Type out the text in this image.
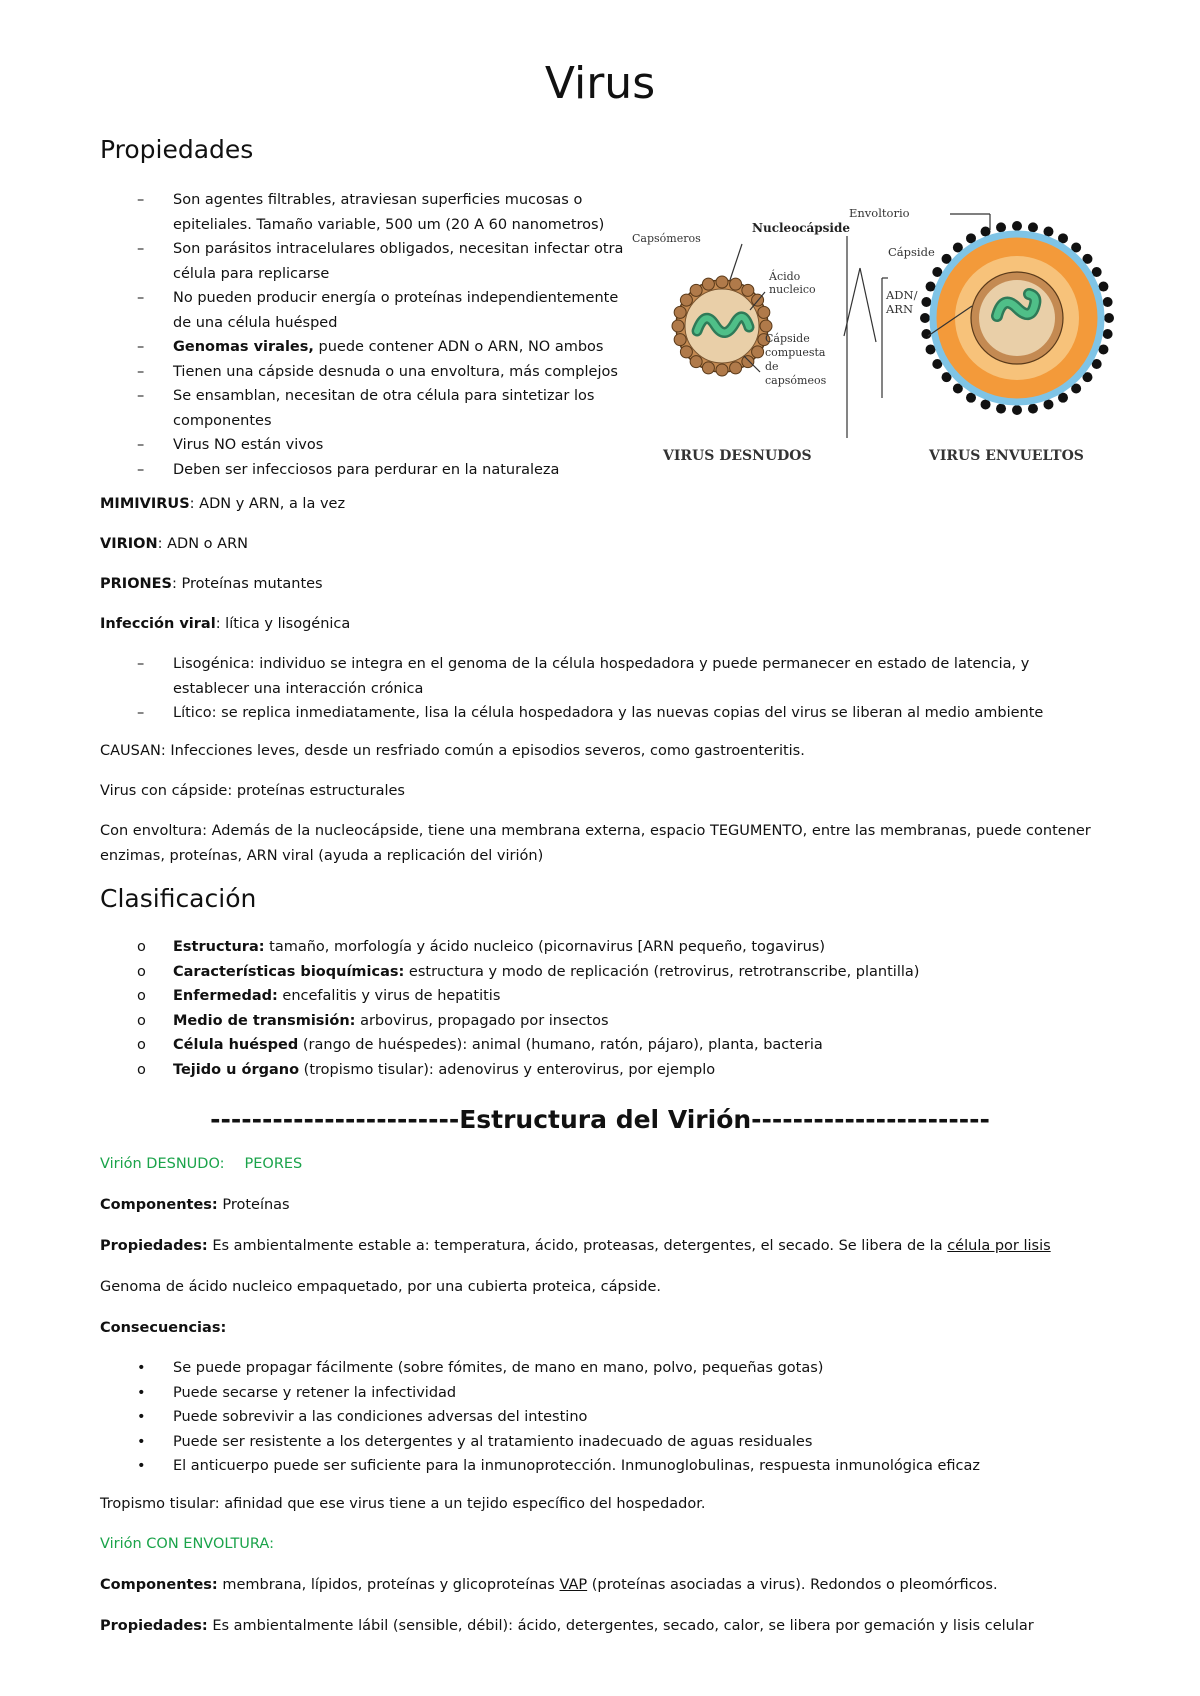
Virus
Propiedades
– Son agentes filtrables, atraviesan superficies mucosas o epiteliales. Tamaño variable, 500 um (20 A 60 nanometros)
– Son parásitos intracelulares obligados, necesitan infectar otra célula para replicarse
– No pueden producir energía o proteínas independientemente de una célula huésped
– Genomas virales, puede contener ADN o ARN, NO ambos
– Tienen una cápside desnuda o una envoltura, más complejos
– Se ensamblan, necesitan de otra célula para sintetizar los componentes
– Virus NO están vivos
– Deben ser infecciosos para perdurar en la naturaleza
Envoltorio
Nucleocápside
Capsómeros
Cápside
Ácido
nucleico	ADN/
ARN
Cápside
compuesta
de
capsómeos
VIRUS DESNUDOS	VIRUS ENVUELTOS

MIMIVIRUS: ADN y ARN, a la vez

VIRION: ADN o ARN

PRIONES: Proteínas mutantes

Infección viral: lítica y lisogénica

– Lisogénica: individuo se integra en el genoma de la célula hospedadora y puede permanecer en estado de latencia, y establecer una interacción crónica
– Lítico: se replica inmediatamente, lisa la célula hospedadora y las nuevas copias del virus se liberan al medio ambiente

CAUSAN: Infecciones leves, desde un resfriado común a episodios severos, como gastroenteritis.

Virus con cápside: proteínas estructurales

Con envoltura: Además de la nucleocápside, tiene una membrana externa, espacio TEGUMENTO, entre las membranas, puede contener enzimas, proteínas, ARN viral (ayuda a replicación del virión)

Clasificación
o Estructura: tamaño, morfología y ácido nucleico (picornavirus [ARN pequeño, togavirus)
o Características bioquímicas: estructura y modo de replicación (retrovirus, retrotranscribe, plantilla)
o Enfermedad: encefalitis y virus de hepatitis
o Medio de transmisión: arbovirus, propagado por insectos
o Célula huésped (rango de huéspedes): animal (humano, ratón, pájaro), planta, bacteria
o Tejido u órgano (tropismo tisular): adenovirus y enterovirus, por ejemplo
------------------------Estructura del Virión-----------------------

Virión DESNUDO: PEORES

Componentes: Proteínas

Propiedades: Es ambientalmente estable a: temperatura, ácido, proteasas, detergentes, el secado. Se libera de la célula por lisis

Genoma de ácido nucleico empaquetado, por una cubierta proteica, cápside.

Consecuencias:

• Se puede propagar fácilmente (sobre fómites, de mano en mano, polvo, pequeñas gotas)
• Puede secarse y retener la infectividad
• Puede sobrevivir a las condiciones adversas del intestino
• Puede ser resistente a los detergentes y al tratamiento inadecuado de aguas residuales
• El anticuerpo puede ser suficiente para la inmunoprotección. Inmunoglobulinas, respuesta inmunológica eficaz

Tropismo tisular: afinidad que ese virus tiene a un tejido específico del hospedador.

Virión CON ENVOLTURA:

Componentes: membrana, lípidos, proteínas y glicoproteínas VAP (proteínas asociadas a virus). Redondos o pleomórficos.

Propiedades: Es ambientalmente lábil (sensible, débil): ácido, detergentes, secado, calor, se libera por gemación y lisis celular
